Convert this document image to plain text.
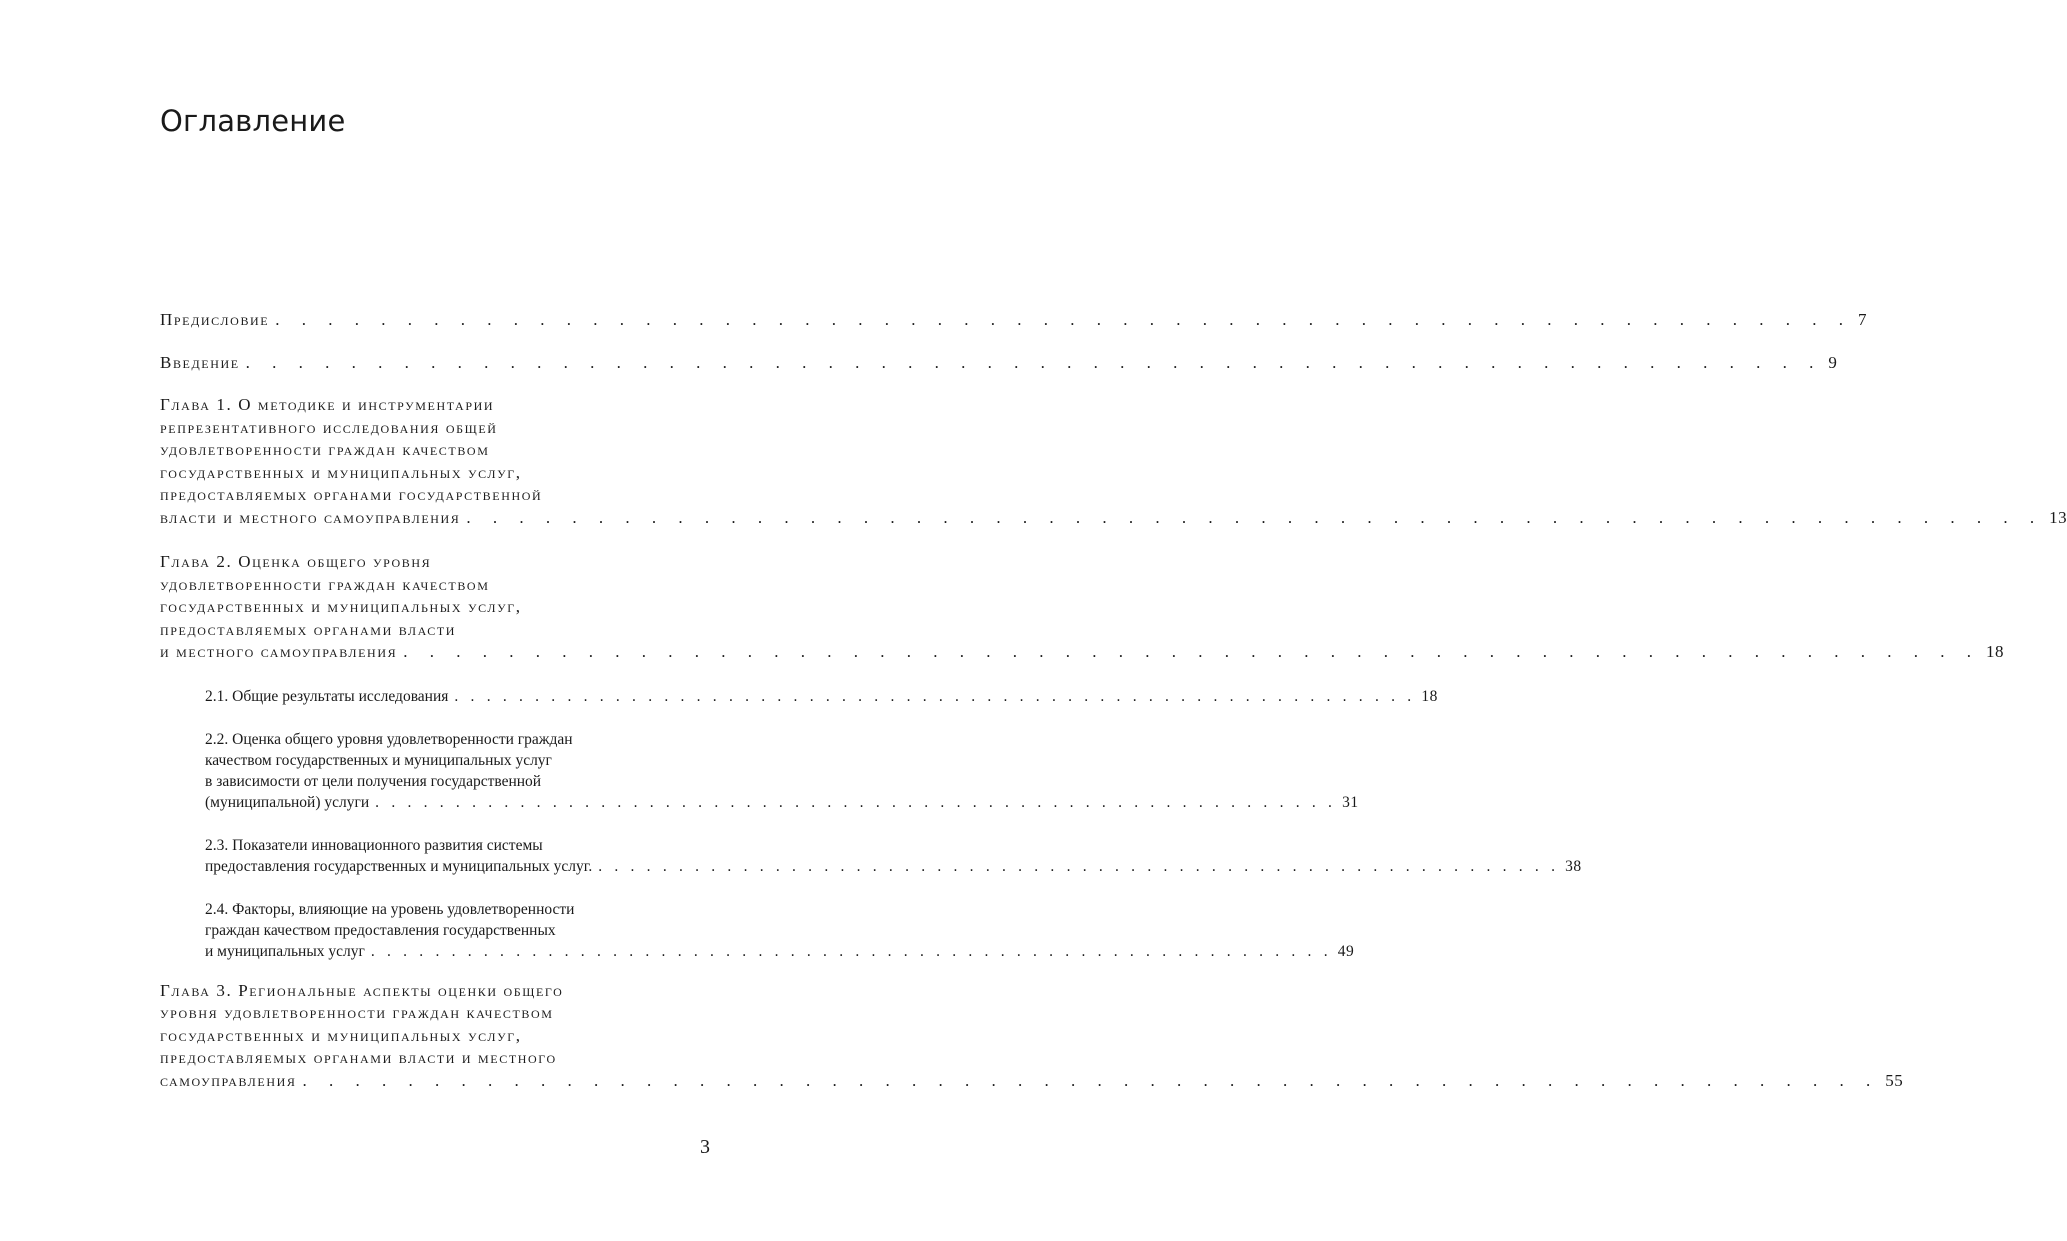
Оглавление
Предисловие . . . . . . . . . . . . . . . . . . . . . . . . . . . . . . . . . . . . . . . . . . . . . . . . . . . . . . . . . . . . 7
Введение . . . . . . . . . . . . . . . . . . . . . . . . . . . . . . . . . . . . . . . . . . . . . . . . . . . . . . . . . . . . 9
Глава 1. О методике и инструментарии
репрезентативного исследования общей
удовлетворенности граждан качеством
государственных и муниципальных услуг,
предоставляемых органами государственной
власти и местного самоуправления . . . . . . . . . . . . . . . . . . . . . . . . . . . . . . . . . . . . . . . . . . . . . . . . . . . . . . . . . . . . 13
Глава 2. Оценка общего уровня
удовлетворенности граждан качеством
государственных и муниципальных услуг,
предоставляемых органами власти
и местного самоуправления . . . . . . . . . . . . . . . . . . . . . . . . . . . . . . . . . . . . . . . . . . . . . . . . . . . . . . . . . . . . 18
2.1. Общие результаты исследования . . . . . . . . . . . . . . . . . . . . . . . . . . . . . . . . . . . . . . . . . . . . . . . . . . . . . . . . . . . . 18
2.2. Оценка общего уровня удовлетворенности граждан
качеством государственных и муниципальных услуг
в зависимости от цели получения государственной
(муниципальной) услуги . . . . . . . . . . . . . . . . . . . . . . . . . . . . . . . . . . . . . . . . . . . . . . . . . . . . . . . . . . . . 31
2.3. Показатели инновационного развития системы
предоставления государственных и муниципальных услуг. . . . . . . . . . . . . . . . . . . . . . . . . . . . . . . . . . . . . . . . . . . . . . . . . . . . . . . . . . . . . 38
2.4. Факторы, влияющие на уровень удовлетворенности
граждан качеством предоставления государственных
и муниципальных услуг . . . . . . . . . . . . . . . . . . . . . . . . . . . . . . . . . . . . . . . . . . . . . . . . . . . . . . . . . . . . 49
Глава 3. Региональные аспекты оценки общего
уровня удовлетворенности граждан качеством
государственных и муниципальных услуг,
предоставляемых органами власти и местного
самоуправления . . . . . . . . . . . . . . . . . . . . . . . . . . . . . . . . . . . . . . . . . . . . . . . . . . . . . . . . . . . . 55
3
